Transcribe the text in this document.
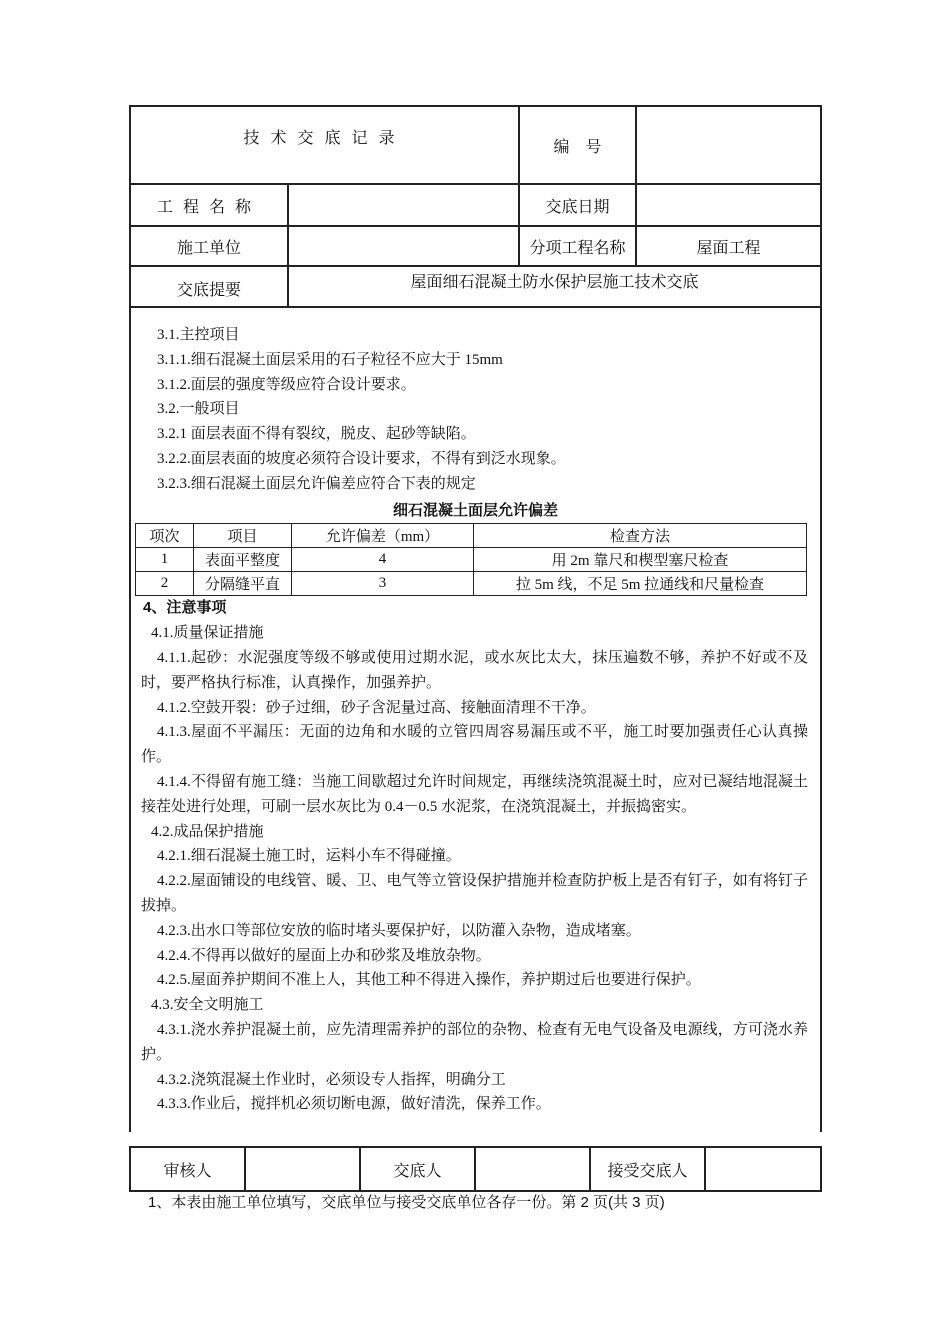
技术交底记录		编　号	
工程名称		交底日期	
施工单位		分项工程名称	屋面工程
交底提要	屋面细石混凝土防水保护层施工技术交底		

3.1.主控项目

3.1.1.细石混凝土面层采用的石子粒径不应大于 15mm

3.1.2.面层的强度等级应符合设计要求。

3.2.一般项目

3.2.1 面层表面不得有裂纹，脱皮、起砂等缺陷。

3.2.2.面层表面的坡度必须符合设计要求，不得有到泛水现象。

3.2.3.细石混凝土面层允许偏差应符合下表的规定

细石混凝土面层允许偏差

项次	项目	允许偏差（mm）	检查方法
1	表面平整度	4	用 2m 靠尺和楔型塞尺检查
2	分隔缝平直	3	拉 5m 线，不足 5m 拉通线和尺量检查

4、注意事项

4.1.质量保证措施

4.1.1.起砂：水泥强度等级不够或使用过期水泥，或水灰比太大，抹压遍数不够，养护不好或不及时，要严格执行标准，认真操作，加强养护。

4.1.2.空鼓开裂：砂子过细，砂子含泥量过高、接触面清理不干净。

4.1.3.屋面不平漏压：无面的边角和水暖的立管四周容易漏压或不平，施工时要加强责任心认真操作。

4.1.4.不得留有施工缝：当施工间歇超过允许时间规定，再继续浇筑混凝土时，应对已凝结地混凝土接茬处进行处理，可刷一层水灰比为 0.4－0.5 水泥浆，在浇筑混凝土，并振捣密实。

4.2.成品保护措施

4.2.1.细石混凝土施工时，运料小车不得碰撞。

4.2.2.屋面铺设的电线管、暖、卫、电气等立管设保护措施并检查防护板上是否有钉子，如有将钉子拔掉。

4.2.3.出水口等部位安放的临时堵头要保护好，以防灌入杂物，造成堵塞。

4.2.4.不得再以做好的屋面上办和砂浆及堆放杂物。

4.2.5.屋面养护期间不准上人，其他工种不得进入操作，养护期过后也要进行保护。

4.3.安全文明施工

4.3.1.浇水养护混凝土前，应先清理需养护的部位的杂物、检查有无电气设备及电源线，方可浇水养护。

4.3.2.浇筑混凝土作业时，必须设专人指挥，明确分工

4.3.3.作业后，搅拌机必须切断电源，做好清洗，保养工作。

审核人		交底人		接受交底人	
1、本表由施工单位填写，交底单位与接受交底单位各存一份。第 2 页(共 3 页)
